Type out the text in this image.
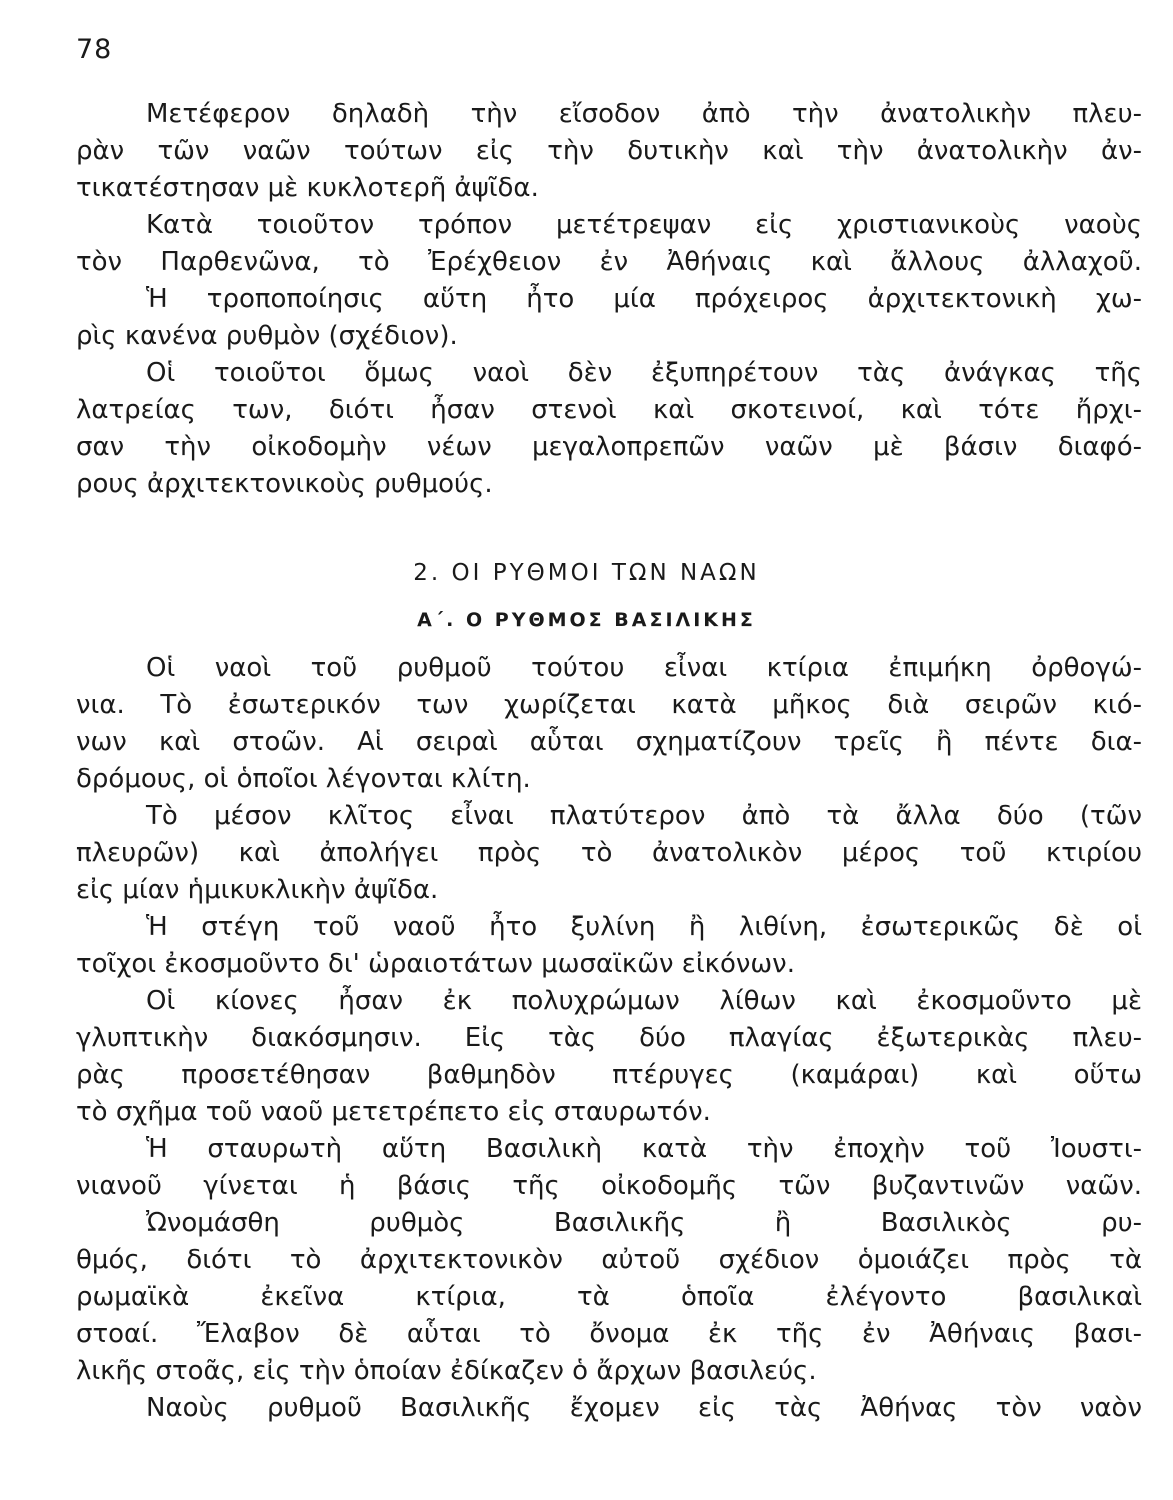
78
Μετέφερον δηλαδὴ τὴν εἴσοδον ἀπὸ τὴν ἀνατολικὴν πλευ-
ρὰν τῶν ναῶν τούτων εἰς τὴν δυτικὴν καὶ τὴν ἀνατολικὴν ἀν-
τικατέστησαν μὲ κυκλοτερῆ ἀψῖδα.
Κατὰ τοιοῦτον τρόπον μετέτρεψαν εἰς χριστιανικοὺς ναοὺς
τὸν Παρθενῶνα, τὸ Ἐρέχθειον ἐν Ἀθήναις καὶ ἄλλους ἀλλαχοῦ.
Ἡ τροποποίησις αὕτη ἦτο μία πρόχειρος ἀρχιτεκτονικὴ χω-
ρὶς κανένα ρυθμὸν (σχέδιον).
Οἱ τοιοῦτοι ὅμως ναοὶ δὲν ἐξυπηρέτουν τὰς ἀνάγκας τῆς
λατρείας των, διότι ἦσαν στενοὶ καὶ σκοτεινοί, καὶ τότε ἤρχι-
σαν τὴν οἰκοδομὴν νέων μεγαλοπρεπῶν ναῶν μὲ βάσιν διαφό-
ρους ἀρχιτεκτονικοὺς ρυθμούς.
2. ΟΙ ΡΥΘΜΟΙ ΤΩΝ ΝΑΩΝ
Α΄. Ο ΡΥΘΜΟΣ ΒΑΣΙΛΙΚΗΣ
Οἱ ναοὶ τοῦ ρυθμοῦ τούτου εἶναι κτίρια ἐπιμήκη ὀρθογώ-
νια. Τὸ ἐσωτερικόν των χωρίζεται κατὰ μῆκος διὰ σειρῶν κιό-
νων καὶ στοῶν. Αἱ σειραὶ αὗται σχηματίζουν τρεῖς ἢ πέντε δια-
δρόμους, οἱ ὁποῖοι λέγονται κλίτη.
Τὸ μέσον κλῖτος εἶναι πλατύτερον ἀπὸ τὰ ἄλλα δύο (τῶν
πλευρῶν) καὶ ἀπολήγει πρὸς τὸ ἀνατολικὸν μέρος τοῦ κτιρίου
εἰς μίαν ἡμικυκλικὴν ἀψῖδα.
Ἡ στέγη τοῦ ναοῦ ἦτο ξυλίνη ἢ λιθίνη, ἐσωτερικῶς δὲ οἱ
τοῖχοι ἐκοσμοῦντο δι' ὡραιοτάτων μωσαϊκῶν εἰκόνων.
Οἱ κίονες ἦσαν ἐκ πολυχρώμων λίθων καὶ ἐκοσμοῦντο μὲ
γλυπτικὴν διακόσμησιν. Εἰς τὰς δύο πλαγίας ἐξωτερικὰς πλευ-
ρὰς προσετέθησαν βαθμηδὸν πτέρυγες (καμάραι) καὶ οὕτω
τὸ σχῆμα τοῦ ναοῦ μετετρέπετο εἰς σταυρωτόν.
Ἡ σταυρωτὴ αὕτη Βασιλικὴ κατὰ τὴν ἐποχὴν τοῦ Ἰουστι-
νιανοῦ γίνεται ἡ βάσις τῆς οἰκοδομῆς τῶν βυζαντινῶν ναῶν.
Ὠνομάσθη ρυθμὸς Βασιλικῆς ἢ Βασιλικὸς ρυ-
θμός, διότι τὸ ἀρχιτεκτονικὸν αὐτοῦ σχέδιον ὁμοιάζει πρὸς τὰ
ρωμαϊκὰ ἐκεῖνα κτίρια, τὰ ὁποῖα ἐλέγοντο βασιλικαὶ
στοαί. Ἔλαβον δὲ αὗται τὸ ὄνομα ἐκ τῆς ἐν Ἀθήναις βασι-
λικῆς στοᾶς, εἰς τὴν ὁποίαν ἐδίκαζεν ὁ ἄρχων βασιλεύς.
Ναοὺς ρυθμοῦ Βασιλικῆς ἔχομεν εἰς τὰς Ἀθήνας τὸν ναὸν
